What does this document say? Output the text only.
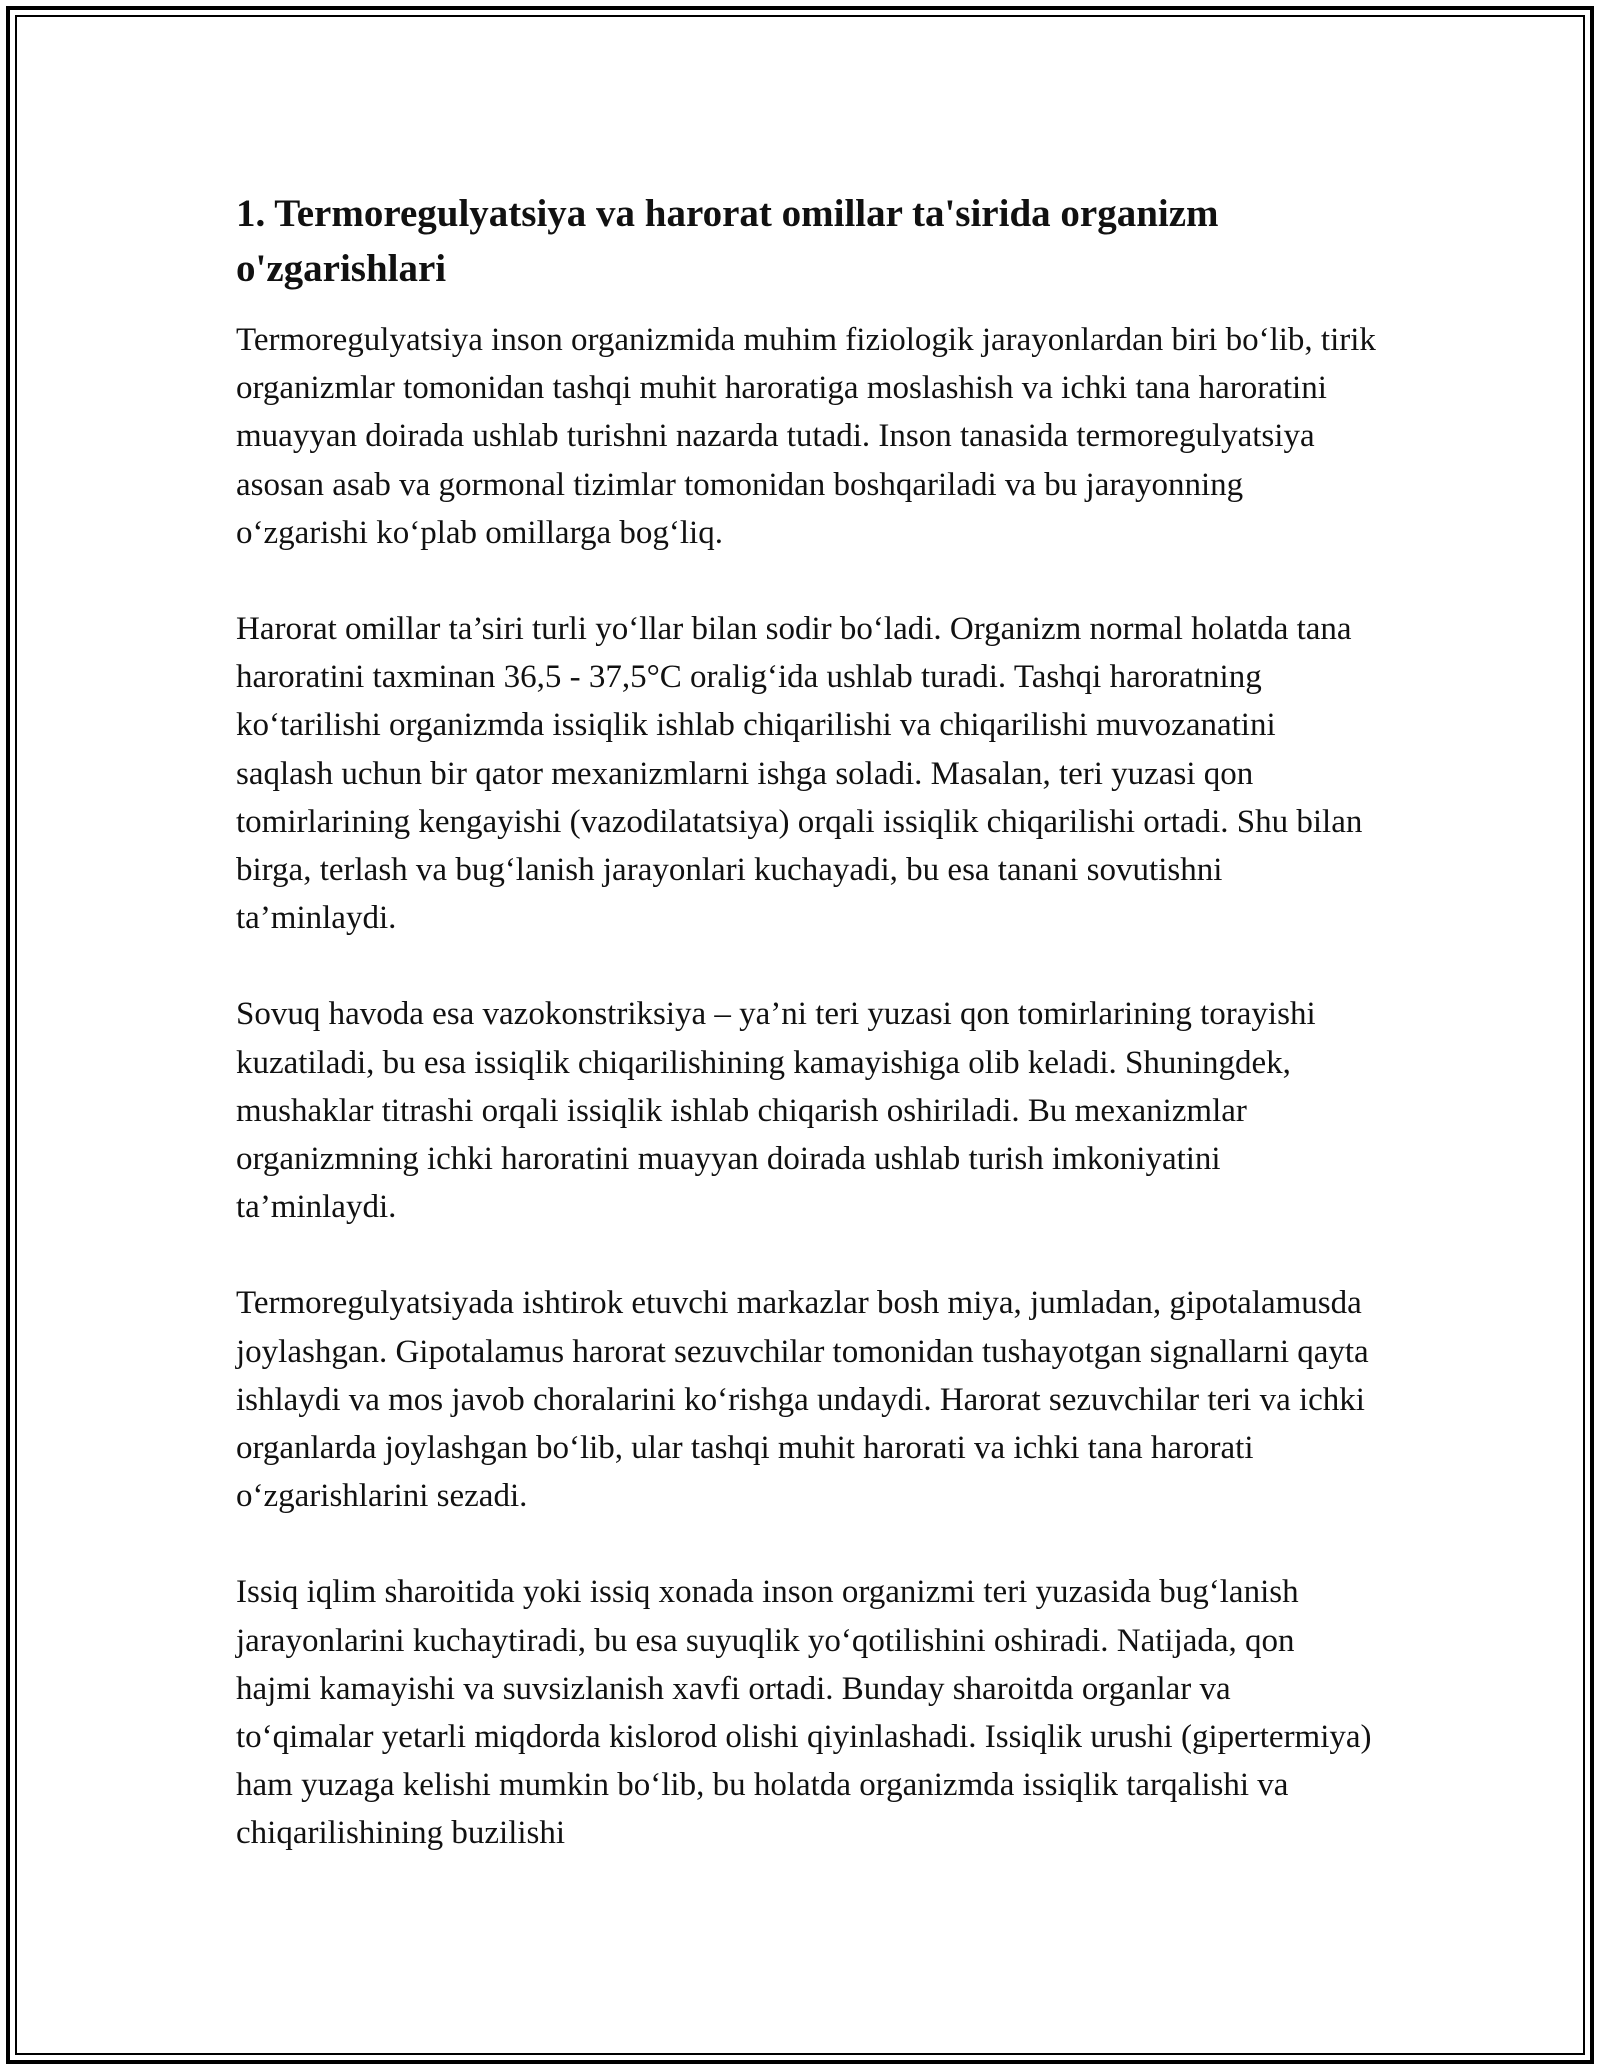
1. Termoregulyatsiya va harorat omillar ta'sirida organizm o'zgarishlari

Termoregulyatsiya inson organizmida muhim fiziologik jarayonlardan biri bo‘lib, tirik organizmlar tomonidan tashqi muhit haroratiga moslashish va ichki tana haroratini muayyan doirada ushlab turishni nazarda tutadi. Inson tanasida termoregulyatsiya asosan asab va gormonal tizimlar tomonidan boshqariladi va bu jarayonning o‘zgarishi ko‘plab omillarga bog‘liq.

Harorat omillar ta’siri turli yo‘llar bilan sodir bo‘ladi. Organizm normal holatda tana haroratini taxminan 36,5 - 37,5°C oralig‘ida ushlab turadi. Tashqi haroratning ko‘tarilishi organizmda issiqlik ishlab chiqarilishi va chiqarilishi muvozanatini saqlash uchun bir qator mexanizmlarni ishga soladi. Masalan, teri yuzasi qon tomirlarining kengayishi (vazodilatatsiya) orqali issiqlik chiqarilishi ortadi. Shu bilan birga, terlash va bug‘lanish jarayonlari kuchayadi, bu esa tanani sovutishni ta’minlaydi.

Sovuq havoda esa vazokonstriksiya – ya’ni teri yuzasi qon tomirlarining torayishi kuzatiladi, bu esa issiqlik chiqarilishining kamayishiga olib keladi. Shuningdek, mushaklar titrashi orqali issiqlik ishlab chiqarish oshiriladi. Bu mexanizmlar organizmning ichki haroratini muayyan doirada ushlab turish imkoniyatini ta’minlaydi.

Termoregulyatsiyada ishtirok etuvchi markazlar bosh miya, jumladan, gipotalamusda joylashgan. Gipotalamus harorat sezuvchilar tomonidan tushayotgan signallarni qayta ishlaydi va mos javob choralarini ko‘rishga undaydi. Harorat sezuvchilar teri va ichki organlarda joylashgan bo‘lib, ular tashqi muhit harorati va ichki tana harorati o‘zgarishlarini sezadi.

Issiq iqlim sharoitida yoki issiq xonada inson organizmi teri yuzasida bug‘lanish jarayonlarini kuchaytiradi, bu esa suyuqlik yo‘qotilishini oshiradi. Natijada, qon hajmi kamayishi va suvsizlanish xavfi ortadi. Bunday sharoitda organlar va to‘qimalar yetarli miqdorda kislorod olishi qiyinlashadi. Issiqlik urushi (gipertermiya) ham yuzaga kelishi mumkin bo‘lib, bu holatda organizmda issiqlik tarqalishi va chiqarilishining buzilishi
